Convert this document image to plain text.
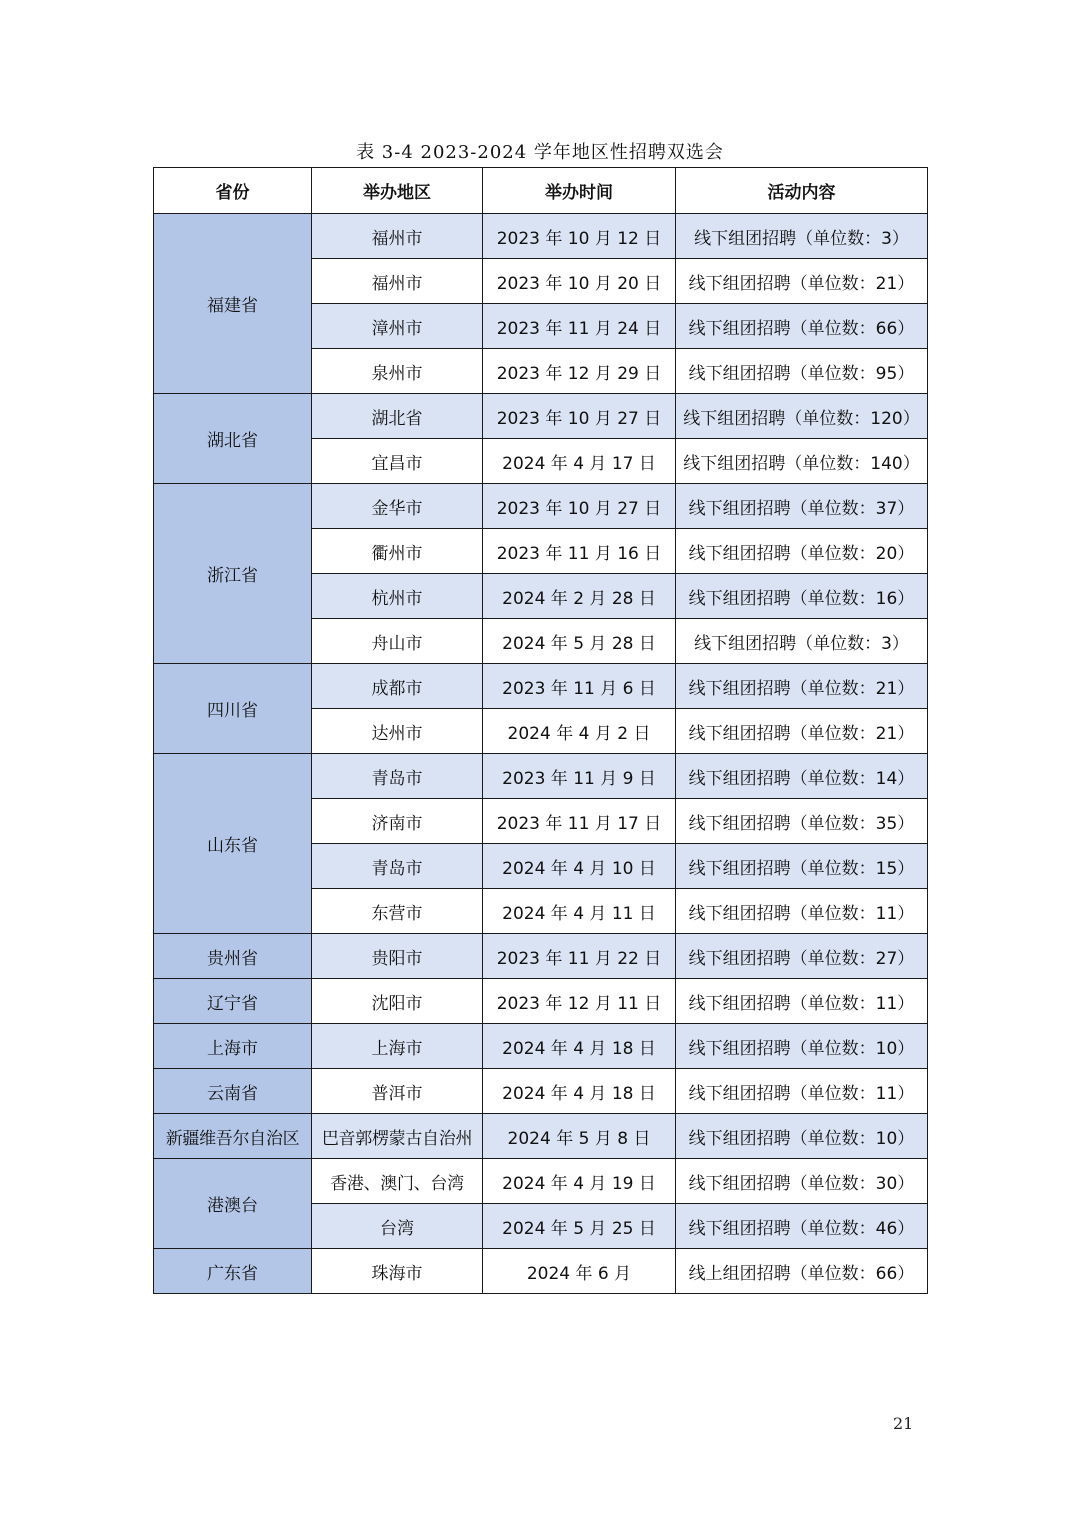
表 3-4 2023-2024 学年地区性招聘双选会
省份	举办地区	举办时间	活动内容
福建省	福州市	2023 年 10 月 12 日	线下组团招聘（单位数：3）
	福州市	2023 年 10 月 20 日	线下组团招聘（单位数：21）
	漳州市	2023 年 11 月 24 日	线下组团招聘（单位数：66）
	泉州市	2023 年 12 月 29 日	线下组团招聘（单位数：95）
湖北省	湖北省	2023 年 10 月 27 日	线下组团招聘（单位数：120）
	宜昌市	2024 年 4 月 17 日	线下组团招聘（单位数：140）
浙江省	金华市	2023 年 10 月 27 日	线下组团招聘（单位数：37）
	衢州市	2023 年 11 月 16 日	线下组团招聘（单位数：20）
	杭州市	2024 年 2 月 28 日	线下组团招聘（单位数：16）
	舟山市	2024 年 5 月 28 日	线下组团招聘（单位数：3）
四川省	成都市	2023 年 11 月 6 日	线下组团招聘（单位数：21）
	达州市	2024 年 4 月 2 日	线下组团招聘（单位数：21）
山东省	青岛市	2023 年 11 月 9 日	线下组团招聘（单位数：14）
	济南市	2023 年 11 月 17 日	线下组团招聘（单位数：35）
	青岛市	2024 年 4 月 10 日	线下组团招聘（单位数：15）
	东营市	2024 年 4 月 11 日	线下组团招聘（单位数：11）
贵州省	贵阳市	2023 年 11 月 22 日	线下组团招聘（单位数：27）
辽宁省	沈阳市	2023 年 12 月 11 日	线下组团招聘（单位数：11）
上海市	上海市	2024 年 4 月 18 日	线下组团招聘（单位数：10）
云南省	普洱市	2024 年 4 月 18 日	线下组团招聘（单位数：11）
新疆维吾尔自治区	巴音郭楞蒙古自治州	2024 年 5 月 8 日	线下组团招聘（单位数：10）
港澳台	香港、澳门、台湾	2024 年 4 月 19 日	线下组团招聘（单位数：30）
	台湾	2024 年 5 月 25 日	线下组团招聘（单位数：46）
广东省	珠海市	2024 年 6 月	线上组团招聘（单位数：66）
21
